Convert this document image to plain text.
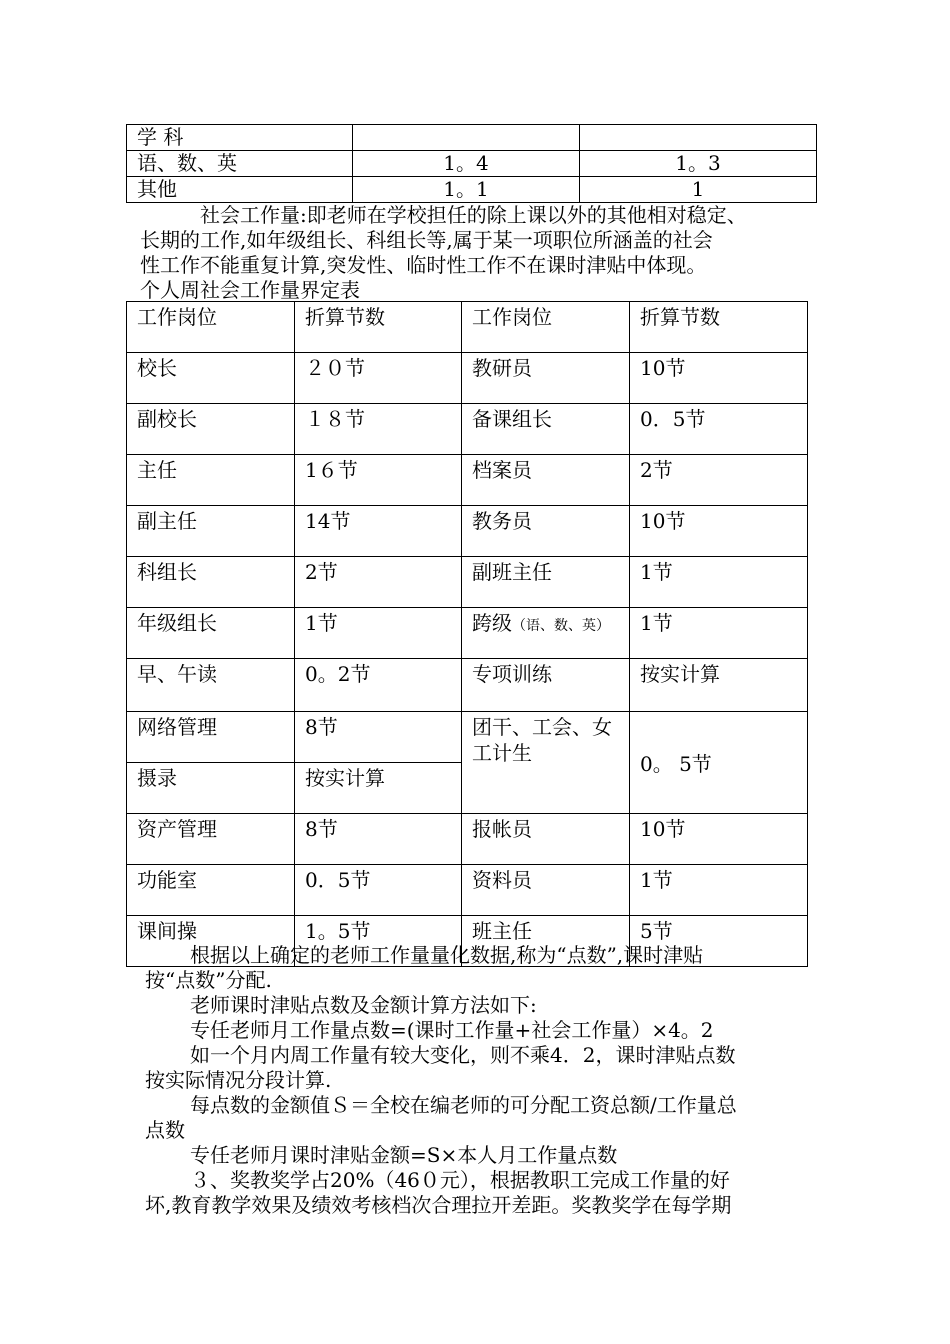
学 科		
语、数、英	1。4	1。3
其他	1。1	1
社会工作量:即老师在学校担任的除上课以外的其他相对稳定、
长期的工作,如年级组长、科组长等,属于某一项职位所涵盖的社会
性工作不能重复计算,突发性、临时性工作不在课时津贴中体现。
个人周社会工作量界定表
工作岗位	折算节数	工作岗位	折算节数
校长	２０节	教研员	10节
副校长	１８节	备课组长	0．5节
主任	1６节	档案员	2节
副主任	14节	教务员	10节
科组长	2节	副班主任	1节
年级组长	1节	跨级（语、数、英）	1节
早、午读	0。2节	专项训练	按实计算
网络管理	8节	团干、工会、女工计生	0。 5节
摄录	按实计算		
资产管理	8节	报帐员	10节
功能室	0．5节	资料员	1节
课间操	1。5节	班主任	5节
根据以上确定的老师工作量量化数据,称为“点数”,课时津贴
按“点数”分配.
老师课时津贴点数及金额计算方法如下:
专任老师月工作量点数=(课时工作量+社会工作量）×4。2
如一个月内周工作量有较大变化，则不乘4．2，课时津贴点数
按实际情况分段计算.
每点数的金额值Ｓ＝全校在编老师的可分配工资总额/工作量总
点数
专任老师月课时津贴金额=S×本人月工作量点数
３、奖教奖学占20%（46０元），根据教职工完成工作量的好
坏,教育教学效果及绩效考核档次合理拉开差距。奖教奖学在每学期
